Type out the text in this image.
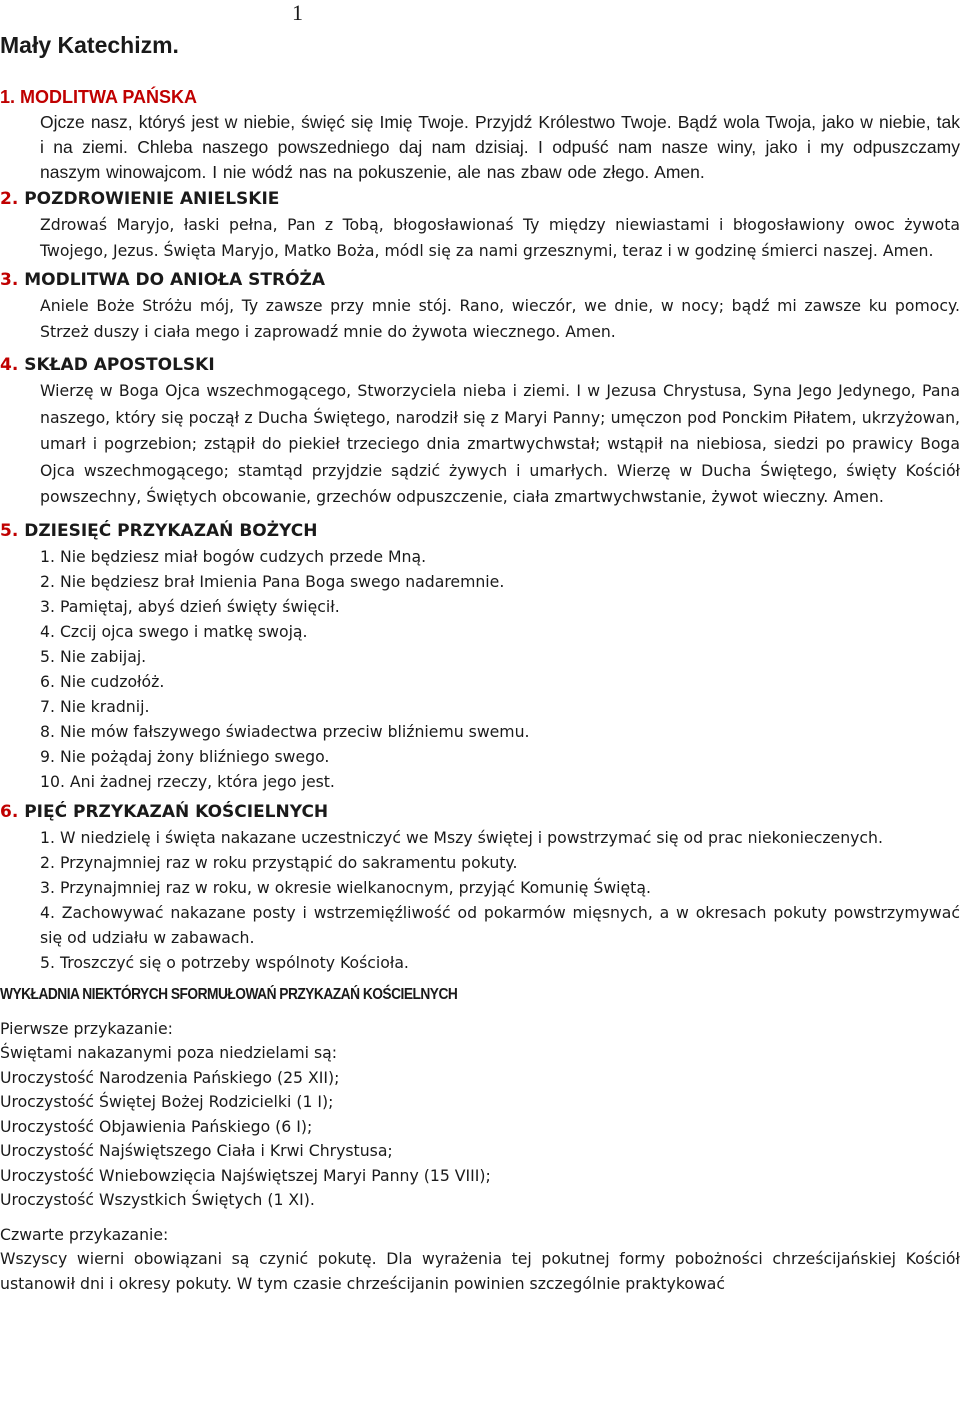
1
Mały Katechizm.
1. MODLITWA PAŃSKA

Ojcze nasz, któryś jest w niebie, święć się Imię Twoje. Przyjdź Królestwo Twoje. Bądź wola Twoja, jako w niebie, tak i na ziemi. Chleba naszego powszedniego daj nam dzisiaj. I odpuść nam nasze winy, jako i my odpuszczamy naszym winowajcom. I nie wódź nas na pokuszenie, ale nas zbaw ode złego. Amen.

2. POZDROWIENIE ANIELSKIE

Zdrowaś Maryjo, łaski pełna, Pan z Tobą, błogosławionaś Ty między niewiastami i błogosławiony owoc żywota Twojego, Jezus. Święta Maryjo, Matko Boża, módl się za nami grzesznymi, teraz i w godzinę śmierci naszej. Amen.

3. MODLITWA DO ANIOŁA STRÓŻA

Aniele Boże Stróżu mój, Ty zawsze przy mnie stój. Rano, wieczór, we dnie, w nocy; bądź mi zawsze ku pomocy. Strzeż duszy i ciała mego i zaprowadź mnie do żywota wiecznego. Amen.

4. SKŁAD APOSTOLSKI

Wierzę w Boga Ojca wszechmogącego, Stworzyciela nieba i ziemi. I w Jezusa Chrystusa, Syna Jego Jedynego, Pana naszego, który się począł z Ducha Świętego, narodził się z Maryi Panny; umęczon pod Ponckim Piłatem, ukrzyżowan, umarł i pogrzebion; zstąpił do piekieł trzeciego dnia zmartwychwstał; wstąpił na niebiosa, siedzi po prawicy Boga Ojca wszechmogącego; stamtąd przyjdzie sądzić żywych i umarłych. Wierzę w Ducha Świętego, święty Kościół powszechny, Świętych obcowanie, grzechów odpuszczenie, ciała zmartwychwstanie, żywot wieczny. Amen.

5. DZIESIĘĆ PRZYKAZAŃ BOŻYCH
1. Nie będziesz miał bogów cudzych przede Mną.
2. Nie będziesz brał Imienia Pana Boga swego nadaremnie.
3. Pamiętaj, abyś dzień święty święcił.
4. Czcij ojca swego i matkę swoją.
5. Nie zabijaj.
6. Nie cudzołóż.
7. Nie kradnij.
8. Nie mów fałszywego świadectwa przeciw bliźniemu swemu.
9. Nie pożądaj żony bliźniego swego.
10. Ani żadnej rzeczy, która jego jest.
6. PIĘĆ PRZYKAZAŃ KOŚCIELNYCH
1. W niedzielę i święta nakazane uczestniczyć we Mszy świętej i powstrzymać się od prac niekonieczenych.
2. Przynajmniej raz w roku przystąpić do sakramentu pokuty.
3. Przynajmniej raz w roku, w okresie wielkanocnym, przyjąć Komunię Świętą.
4. Zachowywać nakazane posty i wstrzemięźliwość od pokarmów mięsnych, a w okresach pokuty powstrzymywać się od udziału w zabawach.
5. Troszczyć się o potrzeby wspólnoty Kościoła.
WYKŁADNIA NIEKTÓRYCH SFORMUŁOWAŃ PRZYKAZAŃ KOŚCIELNYCH

Pierwsze przykazanie:

Świętami nakazanymi poza niedzielami są:

Uroczystość Narodzenia Pańskiego (25 XII);

Uroczystość Świętej Bożej Rodzicielki (1 I);

Uroczystość Objawienia Pańskiego (6 I);

Uroczystość Najświętszego Ciała i Krwi Chrystusa;

Uroczystość Wniebowzięcia Najświętszej Maryi Panny (15 VIII);

Uroczystość Wszystkich Świętych (1 XI).

Czwarte przykazanie:

Wszyscy wierni obowiązani są czynić pokutę. Dla wyrażenia tej pokutnej formy pobożności chrześcijańskiej Kościół ustanowił dni i okresy pokuty. W tym czasie chrześcijanin powinien szczególnie praktykować
